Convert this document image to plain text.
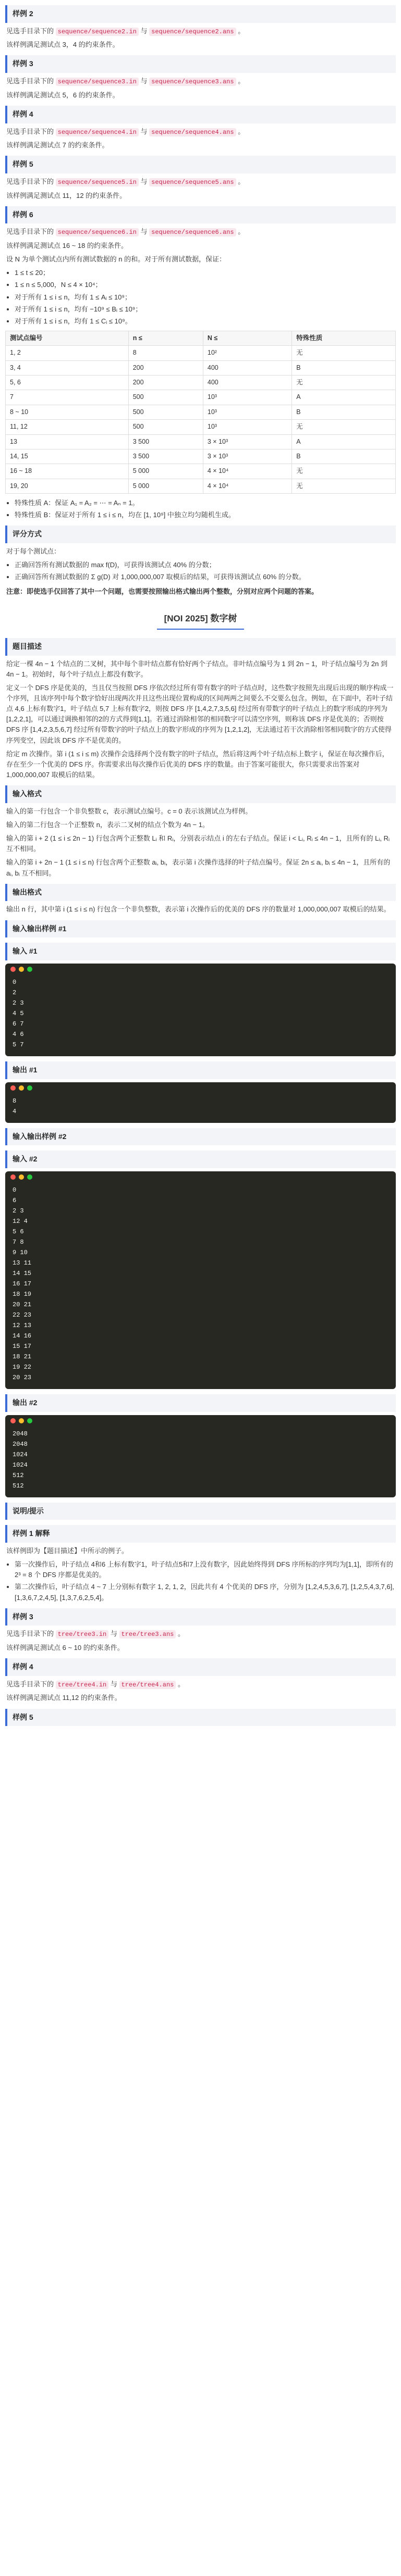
样例 2
见选手目录下的 sequence/sequence2.in 与 sequence/sequence2.ans 。
该样例满足测试点 3，4 的约束条件。
样例 3
见选手目录下的 sequence/sequence3.in 与 sequence/sequence3.ans 。
该样例满足测试点 5，6 的约束条件。
样例 4
见选手目录下的 sequence/sequence4.in 与 sequence/sequence4.ans 。
该样例满足测试点 7 的约束条件。
样例 5
见选手目录下的 sequence/sequence5.in 与 sequence/sequence5.ans 。
该样例满足测试点 11，12 的约束条件。
样例 6
见选手目录下的 sequence/sequence6.in 与 sequence/sequence6.ans 。
该样例满足测试点 16 ~ 18 的约束条件。
设 N 为单个测试点内所有测试数据的 n 的和。对于所有测试数据，保证：
• 1 ≤ t ≤ 20；
• 1 ≤ n ≤ 5,000，N ≤ 4 × 10⁴；
• 对于所有 1 ≤ i ≤ n，均有 1 ≤ Aᵢ ≤ 10⁹；
• 对于所有 1 ≤ i ≤ n，均有 −10⁹ ≤ Bᵢ ≤ 10⁹；
• 对于所有 1 ≤ i ≤ n，均有 1 ≤ Cᵢ ≤ 10⁹。
测试点编号	n ≤	N ≤	特殊性质
1, 2	8	10²	无
3, 4	200	400	B
5, 6	200	400	无
7	500	10³	A
8 ~ 10	500	10³	B
11, 12	500	10³	无
13	3 500	3 × 10³	A
14, 15	3 500	3 × 10³	B
16 ~ 18	5 000	4 × 10⁴	无
19, 20	5 000	4 × 10⁴	无
• 特殊性质 A：保证 A₁ = A₂ = ⋯ = Aₙ = 1。
• 特殊性质 B：保证对于所有 1 ≤ i ≤ n，均在 [1, 10⁹] 中独立均匀随机生成。
评分方式
对于每个测试点：
• 正确回答所有测试数据的 max f(D)，可获得该测试点 40% 的分数；
• 正确回答所有测试数据的 Σ g(D) 对 1,000,000,007 取模后的结果，可获得该测试点 60% 的分数。
注意：即使选手仅回答了其中一个问题，也需要按照输出格式输出两个整数，分别对应两个问题的答案。
[NOI 2025] 数字树
题目描述
给定一棵 4n − 1 个结点的二叉树，其中每个非叶结点都有恰好两个子结点。非叶结点编号为 1 到 2n − 1，叶子结点编号为 2n 到 4n − 1。初始时，每个叶子结点上都没有数字。
定义一个 DFS 序是优美的，当且仅当按照 DFS 序依次经过所有带有数字的叶子结点时，这些数字按照先出现后出现的顺序构成一个序列，且该序列中每个数字恰好出现两次并且这些出现位置构成的区间两两之间要么不交要么包含。例如，在下面中，若叶子结点 4,6 上标有数字1，叶子结点 5,7 上标有数字2，则按 DFS 序 [1,4,2,7,3,5,6] 经过所有带数字的叶子结点上的数字形成的序列为 [1,2,2,1]，可以通过调换相邻的2的方式得到[1,1]。若通过消除相邻的相同数字可以清空序列，则称该 DFS 序是优美的；否则按 DFS 序 [1,4,2,3,5,6,7] 经过所有带数字的叶子结点上的数字形成的序列为 [1,2,1,2]，无法通过若干次消除相邻相同数字的方式使得序列变空，因此该 DFS 序不是优美的。
给定 m 次操作。第 i (1 ≤ i ≤ m) 次操作会选择两个没有数字的叶子结点，然后将这两个叶子结点标上数字 i，保证在每次操作后，存在至少一个优美的 DFS 序。你需要求出每次操作后优美的 DFS 序的数量。由于答案可能很大，你只需要求出答案对 1,000,000,007 取模后的结果。
输入格式
输入的第一行包含一个非负整数 c，表示测试点编号。c = 0 表示该测试点为样例。
输入的第二行包含一个正整数 n，表示二叉树的结点个数为 4n − 1。
输入的第 i + 2 (1 ≤ i ≤ 2n − 1) 行包含两个正整数 Lᵢ 和 Rᵢ，分别表示结点 i 的左右子结点。保证 i < Lᵢ, Rᵢ ≤ 4n − 1，且所有的 Lᵢ, Rᵢ 互不相同。
输入的第 i + 2n − 1 (1 ≤ i ≤ n) 行包含两个正整数 aᵢ, bᵢ，表示第 i 次操作选择的叶子结点编号。保证 2n ≤ aᵢ, bᵢ ≤ 4n − 1，且所有的 aᵢ, bᵢ 互不相同。
输出格式
输出 n 行，其中第 i (1 ≤ i ≤ n) 行包含一个非负整数，表示第 i 次操作后的优美的 DFS 序的数量对 1,000,000,007 取模后的结果。
输入输出样例 #1
输入 #1
0
2
2 3
4 5
6 7
4 6
5 7
输出 #1
8
4
输入输出样例 #2
输入 #2
0
6
2 3
12 4
5 6
7 8
9 10
13 11
14 15
16 17
18 19
20 21
22 23
12 13
14 16
15 17
18 21
19 22
20 23
输出 #2
2048
2048
1024
1024
512
512
说明/提示
样例 1 解释
该样例即为【题目描述】中所示的例子。
• 第一次操作后，叶子结点 4和6 上标有数字1，叶子结点5和7上没有数字，因此始终得到 DFS 序所标的序列均为[1,1]，即所有的2³ = 8 个 DFS 序都是优美的。
• 第二次操作后，叶子结点 4 ~ 7 上分别标有数字 1, 2, 1, 2，因此共有 4 个优美的 DFS 序，分别为 [1,2,4,5,3,6,7], [1,2,5,4,3,7,6], [1,3,6,7,2,4,5], [1,3,7,6,2,5,4]。
样例 3
见选手目录下的 tree/tree3.in 与 tree/tree3.ans 。
该样例满足测试点 6 ~ 10 的约束条件。
样例 4
见选手目录下的 tree/tree4.in 与 tree/tree4.ans 。
该样例满足测试点 11,12 的约束条件。
样例 5
